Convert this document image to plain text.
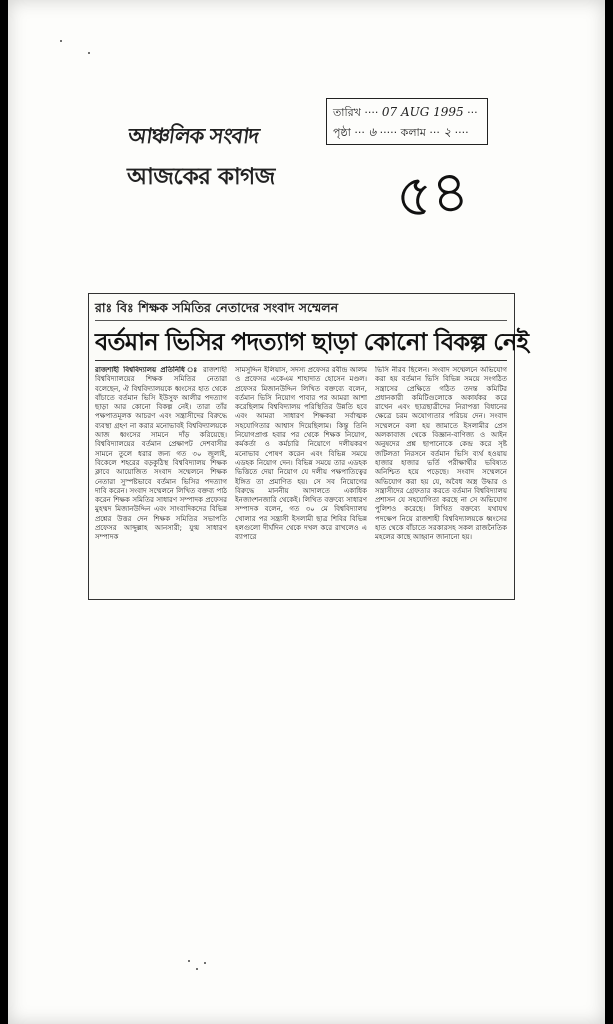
আঞ্চলিক সংবাদ
আজকের কাগজ
তারিখ ···· 07 AUG 1995 ···
পৃষ্ঠা ··· ৬ ····· কলাম ··· ২ ····
৫৪
রাঃ বিঃ শিক্ষক সমিতির নেতাদের সংবাদ সম্মেলন
বর্তমান ভিসির পদত্যাগ ছাড়া কোনো বিকল্প নেই

রাজশাহী বিশ্ববিদ্যালয় প্রতিনিধি ঃ রাজশাহী বিশ্ববিদ্যালয়ের শিক্ষক সমিতির নেতারা বলেছেন, ঐ বিশ্ববিদ্যালয়কে ধ্বংসের হাত থেকে বাঁচাতে বর্তমান ভিসি ইউসুফ আলীর পদত্যাগ ছাড়া আর কোনো বিকল্প নেই। তারা তাঁর পক্ষপাতমূলক আচরণ এবং সন্ত্রাসীদের বিরুদ্ধে ব্যবস্থা গ্রহণ না করার মনোভাবই বিশ্ববিদ্যালয়কে আজ ধ্বংসের সামনে দাঁড় করিয়েছে। বিশ্ববিদ্যালয়ের বর্তমান প্রেক্ষাপট দেশবাসীর সামনে তুলে ধরার জন্য গত ৩০ জুলাই, বিকেলে শহরের বড়কুঠিস্থ বিশ্ববিদ্যালয় শিক্ষক ক্লাবে আয়োজিত সংবাদ সম্মেলনে শিক্ষক নেতারা সুস্পষ্টভাবে বর্তমান ভিসির পদত্যাগ দাবি করেন। সংবাদ সম্মেলনে লিখিত বক্তব্য পাঠ করেন শিক্ষক সমিতির সাধারণ সম্পাদক প্রফেসর মুহম্মদ মিজানউদ্দিন এবং সাংবাদিকদের বিভিন্ন প্রশ্নের উত্তর দেন শিক্ষক সমিতির সভাপতি প্রফেসর আব্দুল্লাহ আনসারী; যুগ্ম সাধারণ সম্পাদক

সামসুদ্দিন ইলিয়াস, সদস্য প্রফেসর রবীন্দ্র আলম ও প্রফেসর একেএম শাহাদাত হোসেন মণ্ডল। প্রফেসর মিজানউদ্দিন লিখিত বক্তব্যে বলেন, বর্তমান ভিসি নিয়োগ পাবার পর আমরা আশা করেছিলাম বিশ্ববিদ্যালয় পরিস্থিতির উন্নতি হবে এবং আমরা সাধারণ শিক্ষকরা সর্বাত্মক সহযোগিতার আশ্বাস দিয়েছিলাম। কিন্তু তিনি নিয়োগপ্রাপ্ত হবার পর থেকে শিক্ষক নিয়োগ, কর্মকর্তা ও কর্মচারি নিয়োগে দলীয়করণ মনোভাব পোষণ করেন এবং বিভিন্ন সময়ে এডহক নিয়োগ দেন। বিভিন্ন সময়ে তার এডহক ভিত্তিতে দেয়া নিয়োগ যে দলীয় পক্ষপাতিত্বের ইঙ্গিত তা প্রমাণিত হয়। সে সব নিয়োগের বিরুদ্ধে মাননীয় আদালতে একাধিক ইনজাংশনজারি থেকেই। লিখিত বক্তব্যে সাধারণ সম্পাদক বলেন, গত ৩০ মে বিশ্ববিদ্যালয় খোলার পর সন্ত্রাসী ইসলামী ছাত্র শিবির বিভিন্ন হলগুলো দীর্ঘদিন থেকে দখল করে রাখলেও এ ব্যাপারে

ভিসি নীরব ছিলেন। সংবাদ সম্মেলনে অভিযোগ করা হয় বর্তমান ভিসি বিভিন্ন সময়ে সংগঠিত সন্ত্রাসের প্রেক্ষিতে গঠিত তদন্ত কমিটির প্রধানকারী কমিটিগুলোকে অকার্যকর করে রাখেন এবং ছাত্রছাত্রীদের নিরাপত্তা বিধানের ক্ষেত্রে চরম অযোগ্যতার পরিচয় দেন। সংবাদ সম্মেলনে বলা হয় জামাতে ইসলামীর প্রেস অলকাবাজ থেকে বিজ্ঞান-বাণিজ্য ও আইন অনুষদের প্রশ্ন ছাপানোকে কেন্দ্র করে সৃষ্ট জটিলতা নিরসনে বর্তমান ভিসি ব্যর্থ হওয়ায় হাজার হাজার ভর্তি পরীক্ষার্থীর ভবিষ্যত অনিশ্চিত হয়ে পড়েছে। সংবাদ সম্মেলনে অভিযোগ করা হয় যে, অবৈধ অস্ত্র উদ্ধার ও সন্ত্রাসীদের গ্রেফতার করতে বর্তমান বিশ্ববিদ্যালয় প্রশাসন যে সহযোগিতা করছে না সে অভিযোগ পুলিশও করেছে। লিখিত বক্তব্যে যথাযথ পদক্ষেপ নিয়ে রাজশাহী বিশ্ববিদ্যালয়কে ধ্বংসের হাত থেকে বাঁচাতে সরকারসহ সকল রাজনৈতিক মহলের কাছে আহ্বান জানানো হয়।
